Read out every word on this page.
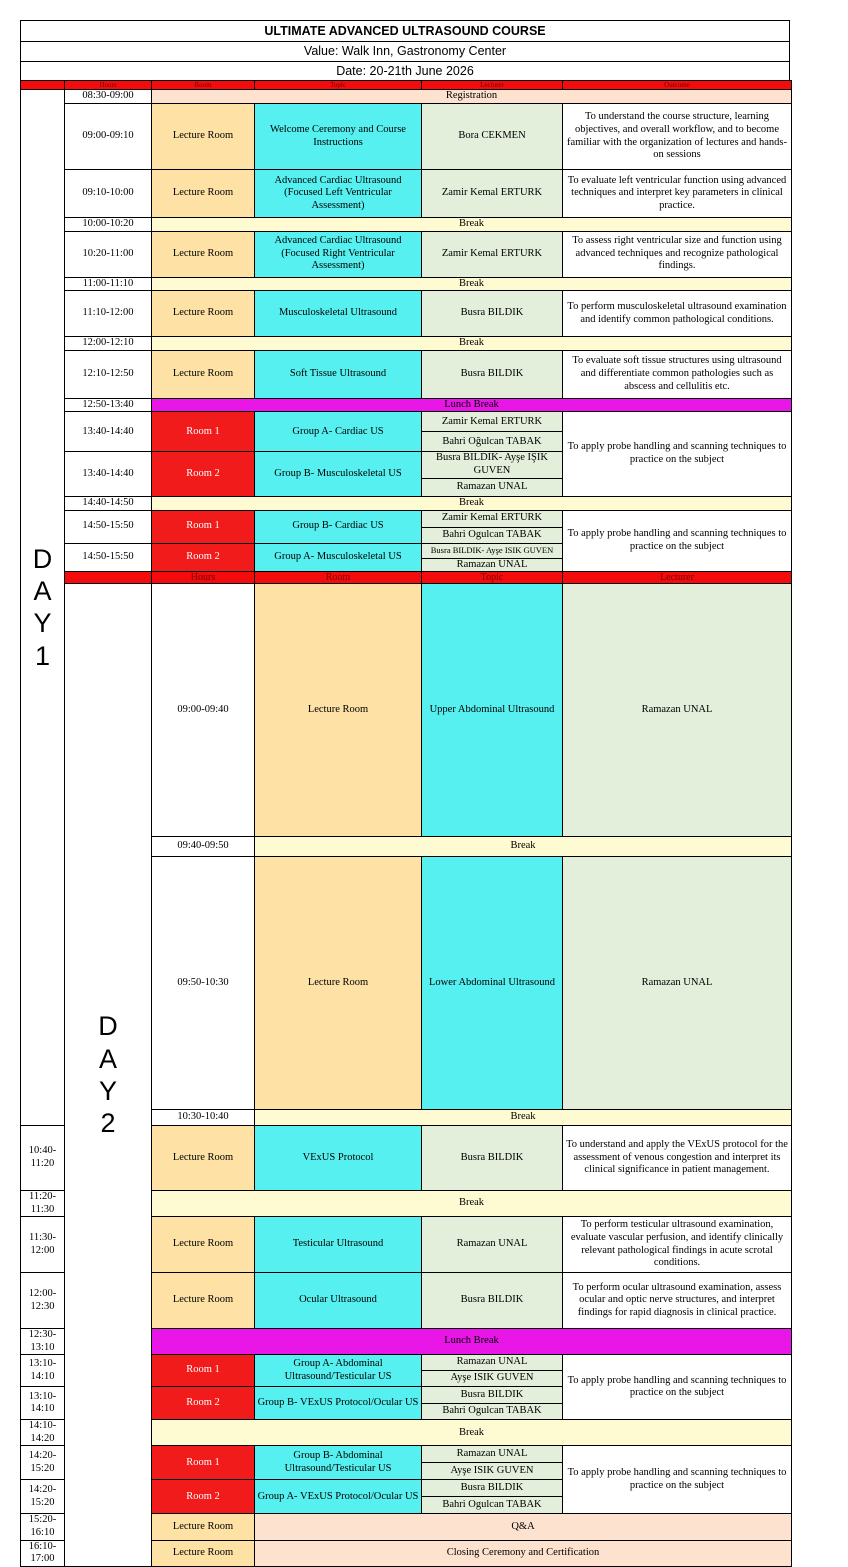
ULTIMATE ADVANCED ULTRASOUND COURSE
Value: Walk Inn, Gastronomy Center
Date: 20-21th June 2026
	Hours	Room	Topic	Lecturer	Outcome	

D
A
Y
1	08:30-09:00	Registration				
	09:00-09:10	Lecture Room	Welcome Ceremony and Course Instructions	Bora CEKMEN	To understand the course structure, learning objectives, and overall workflow, and to become familiar with the organization of lectures and hands-on sessions	
	09:10-10:00	Lecture Room	Advanced Cardiac Ultrasound (Focused Left Ventricular Assessment)	Zamir Kemal ERTURK	To evaluate left ventricular function using advanced techniques and interpret key parameters in clinical practice.	
	10:00-10:20	Break				
	10:20-11:00	Lecture Room	Advanced Cardiac Ultrasound (Focused Right Ventricular Assessment)	Zamir Kemal ERTURK	To assess right ventricular size and function using advanced techniques and recognize pathological findings.	
	11:00-11:10	Break				
	11:10-12:00	Lecture Room	Musculoskeletal Ultrasound	Busra BILDIK	To perform musculoskeletal ultrasound examination and identify common pathological conditions.	
	12:00-12:10	Break				
	12:10-12:50	Lecture Room	Soft Tissue Ultrasound	Busra BILDIK	To evaluate soft tissue structures using ultrasound and differentiate common pathologies such as abscess and cellulitis etc.	
	12:50-13:40	Lunch Break				
	13:40-14:40	Room 1	Group A- Cardiac US	Zamir Kemal ERTURK	To apply probe handling and scanning techniques to practice on the subject	
				Bahri Oğulcan TABAK		
	13:40-14:40	Room 2	Group B- Musculoskeletal US	Busra BILDIK- Ayşe IŞIK GUVEN		
				Ramazan UNAL		
	14:40-14:50	Break				
	14:50-15:50	Room 1	Group B- Cardiac US	Zamir Kemal ERTURK	To apply probe handling and scanning techniques to practice on the subject	
				Bahri Ogulcan TABAK		
	14:50-15:50	Room 2	Group A- Musculoskeletal US	Busra BILDIK- Ayşe ISIK GUVEN		
				Ramazan UNAL		
		Hours	Room	Topic	Lecturer	

	D
A
Y
2	09:00-09:40	Lecture Room	Upper Abdominal Ultrasound	Ramazan UNAL	
		09:40-09:50	Break			
		09:50-10:30	Lecture Room	Lower Abdominal Ultrasound	Ramazan UNAL	
		10:30-10:40	Break			
10:40-11:20		Lecture Room	VExUS Protocol	Busra BILDIK	To understand and apply the VExUS protocol for the assessment of venous congestion and interpret its clinical significance in patient management.	
11:20-11:30		Break				
11:30-12:00		Lecture Room	Testicular Ultrasound	Ramazan UNAL	To perform testicular ultrasound examination, evaluate vascular perfusion, and identify clinically relevant pathological findings in acute scrotal conditions.	
12:00-12:30		Lecture Room	Ocular Ultrasound	Busra BILDIK	To perform ocular ultrasound examination, assess ocular and optic nerve structures, and interpret findings for rapid diagnosis in clinical practice.	
12:30-13:10		Lunch Break				
13:10-14:10		Room 1	Group A- Abdominal Ultrasound/Testicular US	Ramazan UNAL	To apply probe handling and scanning techniques to practice on the subject	
				Ayşe ISIK GUVEN		
13:10-14:10		Room 2	Group B- VExUS Protocol/Ocular US	Busra BILDIK		
				Bahri Ogulcan TABAK		
14:10-14:20		Break				
14:20-15:20		Room 1	Group B- Abdominal Ultrasound/Testicular US	Ramazan UNAL	To apply probe handling and scanning techniques to practice on the subject	
				Ayşe ISIK GUVEN		
14:20-15:20		Room 2	Group A- VExUS Protocol/Ocular US	Busra BILDIK		
				Bahri Ogulcan TABAK		
15:20-16:10		Lecture Room	Q&A			
16:10-17:00		Lecture Room	Closing Ceremony and Certification			
